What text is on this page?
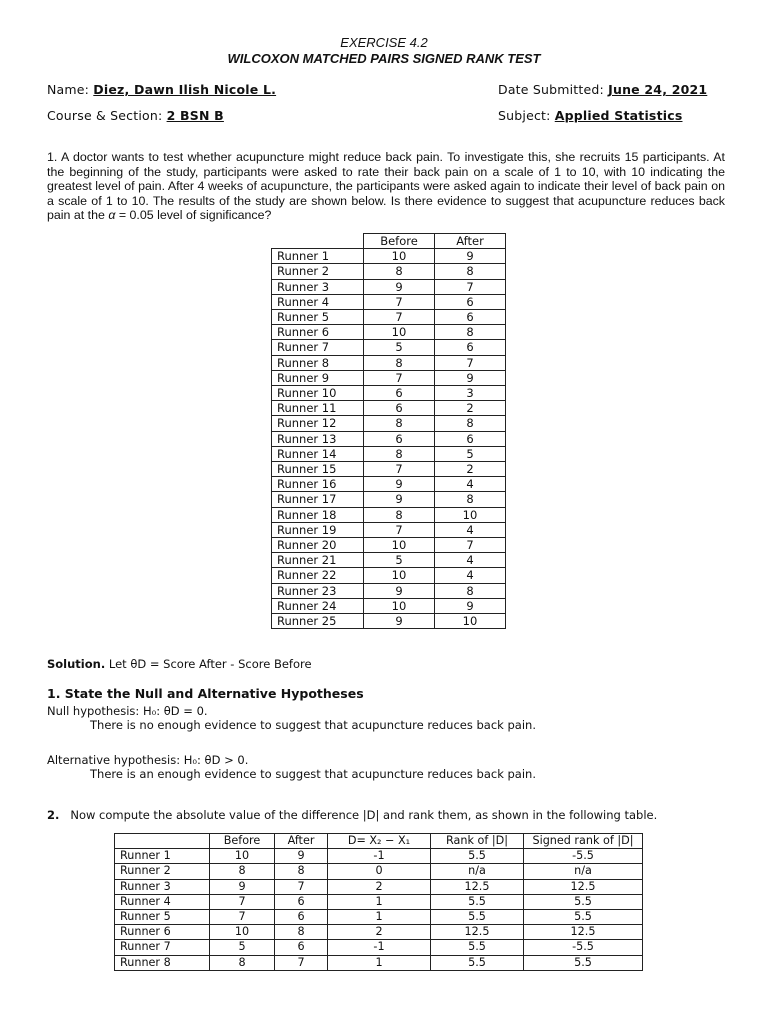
EXERCISE 4.2
WILCOXON MATCHED PAIRS SIGNED RANK TEST
Name: Diez, Dawn Ilish Nicole L.	Date Submitted: June 24, 2021
Course & Section: 2 BSN B	Subject: Applied Statistics
1. A doctor wants to test whether acupuncture might reduce back pain. To investigate this, she recruits 15 participants. At the beginning of the study, participants were asked to rate their back pain on a scale of 1 to 10, with 10 indicating the greatest level of pain. After 4 weeks of acupuncture, the participants were asked again to indicate their level of back pain on a scale of 1 to 10. The results of the study are shown below. Is there evidence to suggest that acupuncture reduces back pain at the α = 0.05 level of significance?
	Before	After
Runner 1	10	9
Runner 2	8	8
Runner 3	9	7
Runner 4	7	6
Runner 5	7	6
Runner 6	10	8
Runner 7	5	6
Runner 8	8	7
Runner 9	7	9
Runner 10	6	3
Runner 11	6	2
Runner 12	8	8
Runner 13	6	6
Runner 14	8	5
Runner 15	7	2
Runner 16	9	4
Runner 17	9	8
Runner 18	8	10
Runner 19	7	4
Runner 20	10	7
Runner 21	5	4
Runner 22	10	4
Runner 23	9	8
Runner 24	10	9
Runner 25	9	10
Solution. Let θD = Score After - Score Before
1. State the Null and Alternative Hypotheses
Null hypothesis: H₀: θD = 0.
There is no enough evidence to suggest that acupuncture reduces back pain.
Alternative hypothesis: H₀: θD > 0.
There is an enough evidence to suggest that acupuncture reduces back pain.
2. Now compute the absolute value of the difference |D| and rank them, as shown in the following table.
	Before	After	D= X₂ − X₁	Rank of |D|	Signed rank of |D|
Runner 1	10	9	-1	5.5	-5.5
Runner 2	8	8	0	n/a	n/a
Runner 3	9	7	2	12.5	12.5
Runner 4	7	6	1	5.5	5.5
Runner 5	7	6	1	5.5	5.5
Runner 6	10	8	2	12.5	12.5
Runner 7	5	6	-1	5.5	-5.5
Runner 8	8	7	1	5.5	5.5
